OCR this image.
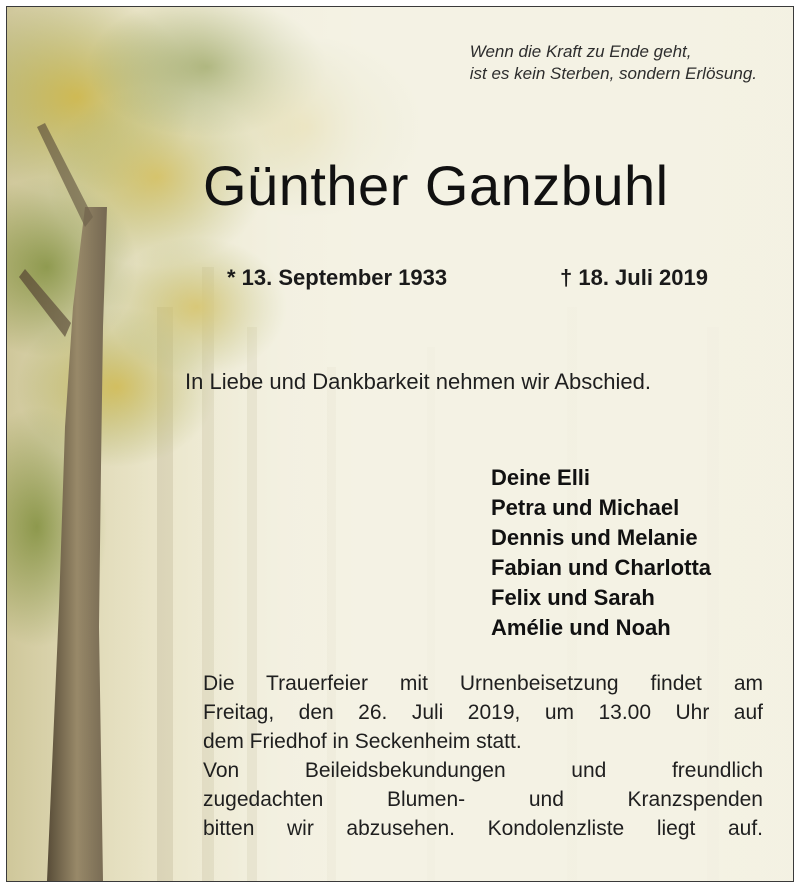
Wenn die Kraft zu Ende geht,
ist es kein Sterben, sondern Erlösung.
Günther Ganzbuhl
* 13. September 1933	† 18. Juli 2019
In Liebe und Dankbarkeit nehmen wir Abschied.
Deine Elli
Petra und Michael
Dennis und Melanie
Fabian und Charlotta
Felix und Sarah
Amélie und Noah
Die Trauerfeier mit Urnenbeisetzung findet am
Freitag, den 26. Juli 2019, um 13.00 Uhr auf
dem Friedhof in Seckenheim statt.
Von Beileidsbekundungen und freundlich
zugedachten Blumen- und Kranzspenden
bitten wir abzusehen. Kondolenzliste liegt auf.
